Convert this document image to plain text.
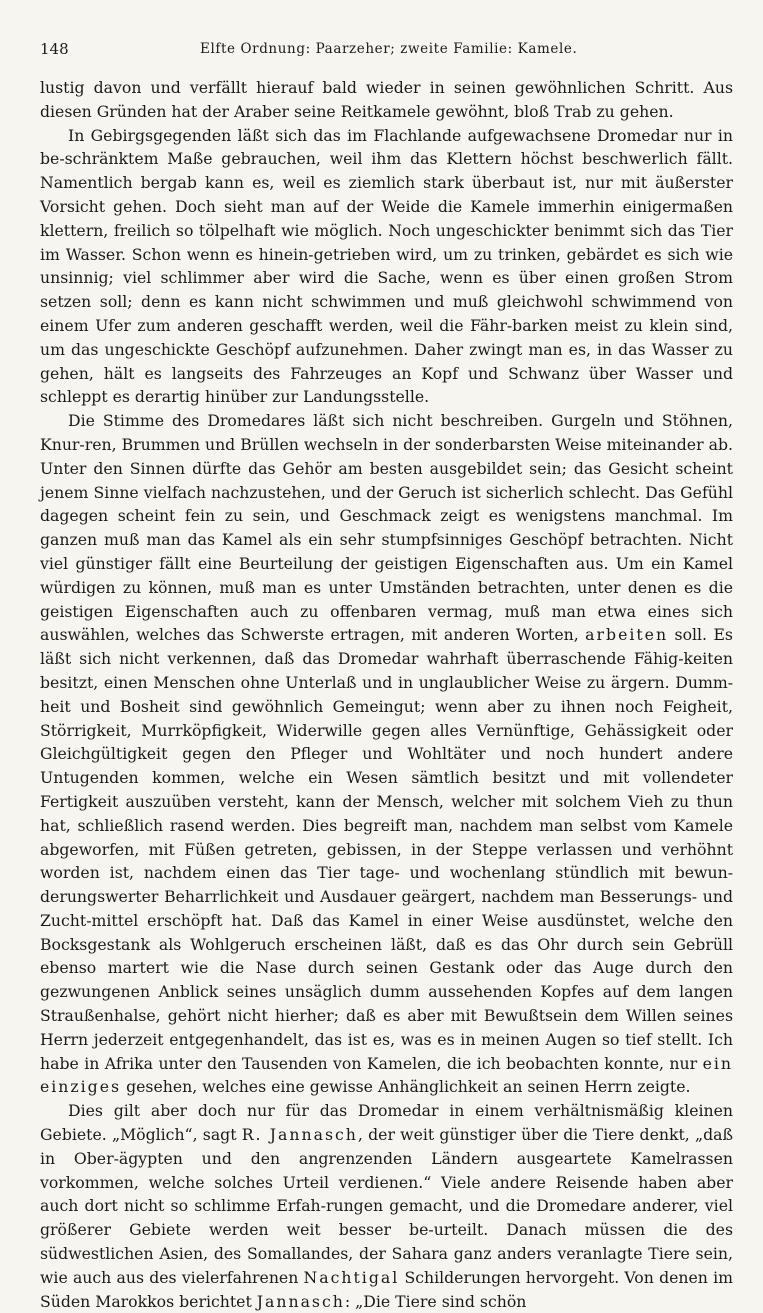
148	Elfte Ordnung: Paarzeher; zweite Familie: Kamele.

lustig davon und verfällt hierauf bald wieder in seinen gewöhnlichen Schritt. Aus diesen Gründen hat der Araber seine Reitkamele gewöhnt, bloß Trab zu gehen.

In Gebirgsgegenden läßt sich das im Flachlande aufgewachsene Dromedar nur in be-schränktem Maße gebrauchen, weil ihm das Klettern höchst beschwerlich fällt. Namentlich bergab kann es, weil es ziemlich stark überbaut ist, nur mit äußerster Vorsicht gehen. Doch sieht man auf der Weide die Kamele immerhin einigermaßen klettern, freilich so tölpelhaft wie möglich. Noch ungeschickter benimmt sich das Tier im Wasser. Schon wenn es hinein-getrieben wird, um zu trinken, gebärdet es sich wie unsinnig; viel schlimmer aber wird die Sache, wenn es über einen großen Strom setzen soll; denn es kann nicht schwimmen und muß gleichwohl schwimmend von einem Ufer zum anderen geschafft werden, weil die Fähr-barken meist zu klein sind, um das ungeschickte Geschöpf aufzunehmen. Daher zwingt man es, in das Wasser zu gehen, hält es langseits des Fahrzeuges an Kopf und Schwanz über Wasser und schleppt es derartig hinüber zur Landungsstelle.

Die Stimme des Dromedares läßt sich nicht beschreiben. Gurgeln und Stöhnen, Knur-ren, Brummen und Brüllen wechseln in der sonderbarsten Weise miteinander ab. Unter den Sinnen dürfte das Gehör am besten ausgebildet sein; das Gesicht scheint jenem Sinne vielfach nachzustehen, und der Geruch ist sicherlich schlecht. Das Gefühl dagegen scheint fein zu sein, und Geschmack zeigt es wenigstens manchmal. Im ganzen muß man das Kamel als ein sehr stumpfsinniges Geschöpf betrachten. Nicht viel günstiger fällt eine Beurteilung der geistigen Eigenschaften aus. Um ein Kamel würdigen zu können, muß man es unter Umständen betrachten, unter denen es die geistigen Eigenschaften auch zu offenbaren vermag, muß man etwa eines sich auswählen, welches das Schwerste ertragen, mit anderen Worten, arbeiten soll. Es läßt sich nicht verkennen, daß das Dromedar wahrhaft überraschende Fähig-keiten besitzt, einen Menschen ohne Unterlaß und in unglaublicher Weise zu ärgern. Dumm-heit und Bosheit sind gewöhnlich Gemeingut; wenn aber zu ihnen noch Feigheit, Störrigkeit, Murrköpfigkeit, Widerwille gegen alles Vernünftige, Gehässigkeit oder Gleichgültigkeit gegen den Pfleger und Wohltäter und noch hundert andere Untugenden kommen, welche ein Wesen sämtlich besitzt und mit vollendeter Fertigkeit auszuüben versteht, kann der Mensch, welcher mit solchem Vieh zu thun hat, schließlich rasend werden. Dies begreift man, nachdem man selbst vom Kamele abgeworfen, mit Füßen getreten, gebissen, in der Steppe verlassen und verhöhnt worden ist, nachdem einen das Tier tage- und wochenlang stündlich mit bewun-derungswerter Beharrlichkeit und Ausdauer geärgert, nachdem man Besserungs- und Zucht-mittel erschöpft hat. Daß das Kamel in einer Weise ausdünstet, welche den Bocksgestank als Wohlgeruch erscheinen läßt, daß es das Ohr durch sein Gebrüll ebenso martert wie die Nase durch seinen Gestank oder das Auge durch den gezwungenen Anblick seines unsäglich dumm aussehenden Kopfes auf dem langen Straußenhalse, gehört nicht hierher; daß es aber mit Bewußtsein dem Willen seines Herrn jederzeit entgegenhandelt, das ist es, was es in meinen Augen so tief stellt. Ich habe in Afrika unter den Tausenden von Kamelen, die ich beobachten konnte, nur ein einziges gesehen, welches eine gewisse Anhänglichkeit an seinen Herrn zeigte.

Dies gilt aber doch nur für das Dromedar in einem verhältnismäßig kleinen Gebiete. „Möglich“, sagt R. Jannasch, der weit günstiger über die Tiere denkt, „daß in Ober-ägypten und den angrenzenden Ländern ausgeartete Kamelrassen vorkommen, welche solches Urteil verdienen.“ Viele andere Reisende haben aber auch dort nicht so schlimme Erfah-rungen gemacht, und die Dromedare anderer, viel größerer Gebiete werden weit besser be-urteilt. Danach müssen die des südwestlichen Asien, des Somallandes, der Sahara ganz anders veranlagte Tiere sein, wie auch aus des vielerfahrenen Nachtigal Schilderungen hervorgeht. Von denen im Süden Marokkos berichtet Jannasch: „Die Tiere sind schön
